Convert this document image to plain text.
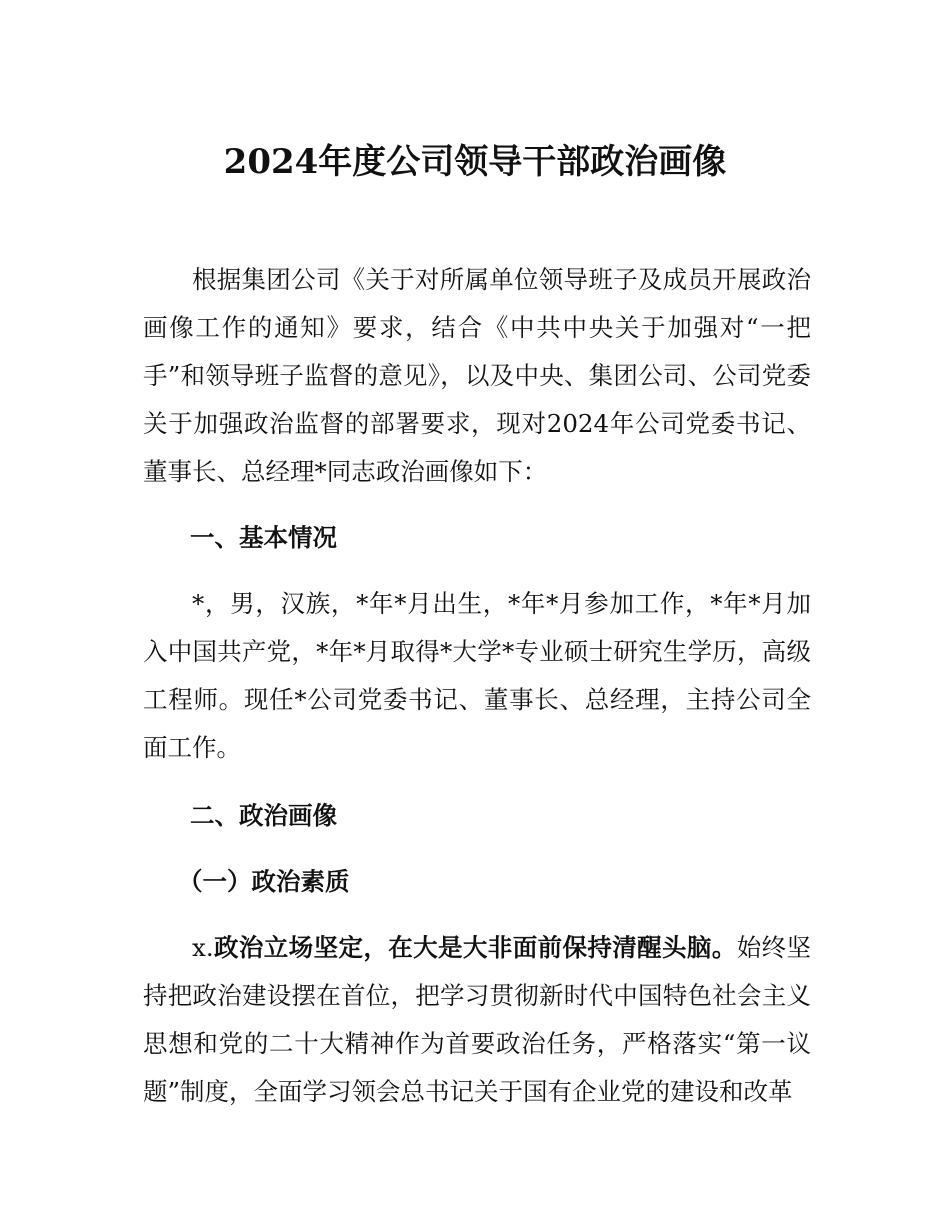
2024年度公司领导干部政治画像

根据集团公司《关于对所属单位领导班子及成员开展政治画像工作的通知》要求，结合《中共中央关于加强对“一把手”和领导班子监督的意见》，以及中央、集团公司、公司党委关于加强政治监督的部署要求，现对2024年公司党委书记、董事长、总经理*同志政治画像如下：

一、基本情况

*，男，汉族，*年*月出生，*年*月参加工作，*年*月加入中国共产党，*年*月取得*大学*专业硕士研究生学历，高级工程师。现任*公司党委书记、董事长、总经理，主持公司全面工作。

二、政治画像

（一）政治素质

x.政治立场坚定，在大是大非面前保持清醒头脑。始终坚持把政治建设摆在首位，把学习贯彻新时代中国特色社会主义思想和党的二十大精神作为首要政治任务，严格落实“第一议题”制度，全面学习领会总书记关于国有企业党的建设和改革
